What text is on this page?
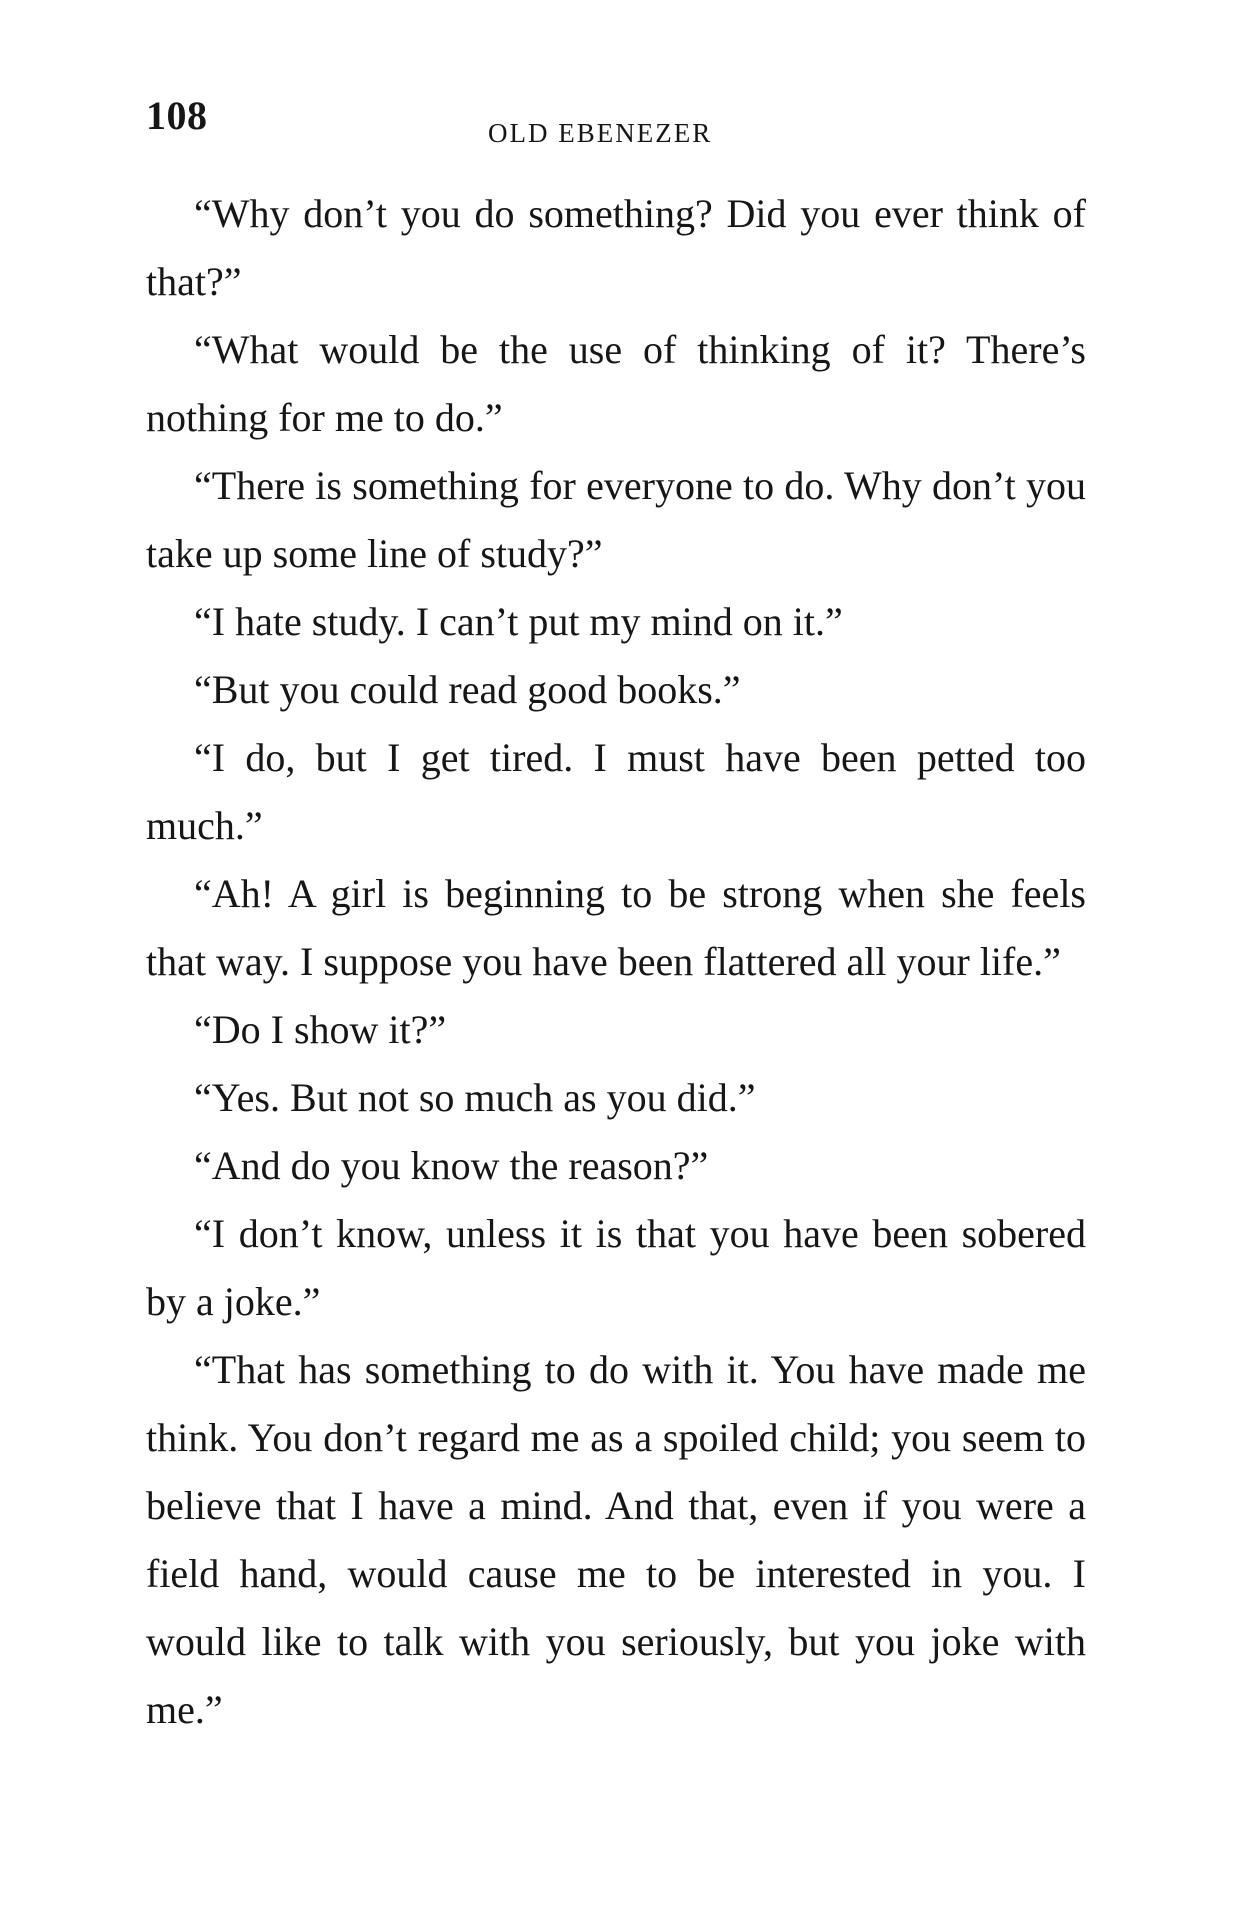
108	OLD EBENEZER

“Why don’t you do something? Did you ever think of that?”

“What would be the use of thinking of it? There’s nothing for me to do.”

“There is something for everyone to do. Why don’t you take up some line of study?”

“I hate study. I can’t put my mind on it.”

“But you could read good books.”

“I do, but I get tired. I must have been petted too much.”

“Ah! A girl is beginning to be strong when she feels that way. I suppose you have been flattered all your life.”

“Do I show it?”

“Yes. But not so much as you did.”

“And do you know the reason?”

“I don’t know, unless it is that you have been sobered by a joke.”

“That has something to do with it. You have made me think. You don’t regard me as a spoiled child; you seem to believe that I have a mind. And that, even if you were a field hand, would cause me to be interested in you. I would like to talk with you seriously, but you joke with me.”
